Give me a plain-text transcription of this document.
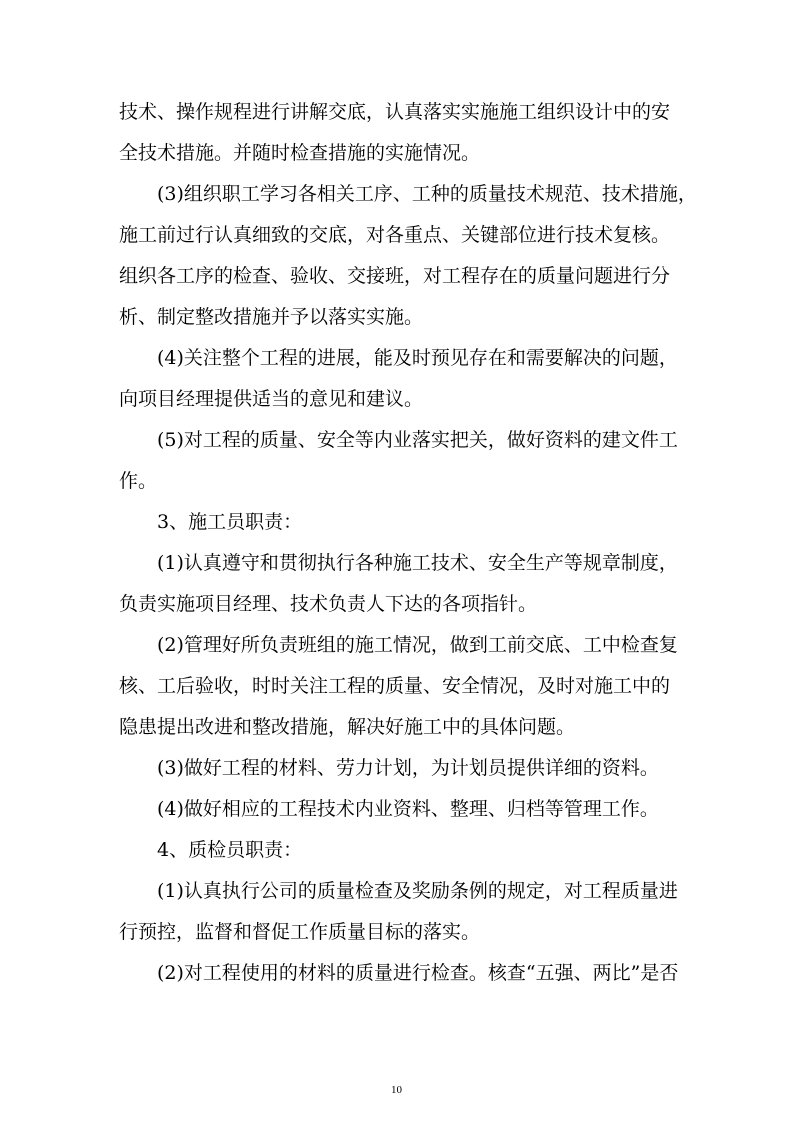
技术、操作规程进行讲解交底，认真落实实施施工组织设计中的安
全技术措施。并随时检查措施的实施情况。
(3)组织职工学习各相关工序、工种的质量技术规范、技术措施，
施工前过行认真细致的交底，对各重点、关键部位进行技术复核。
组织各工序的检查、验收、交接班，对工程存在的质量问题进行分
析、制定整改措施并予以落实实施。
(4)关注整个工程的进展，能及时预见存在和需要解决的问题，
向项目经理提供适当的意见和建议。
(5)对工程的质量、安全等内业落实把关，做好资料的建文件工
作。
3、施工员职责：
(1)认真遵守和贯彻执行各种施工技术、安全生产等规章制度，
负责实施项目经理、技术负责人下达的各项指针。
(2)管理好所负责班组的施工情况，做到工前交底、工中检查复
核、工后验收，时时关注工程的质量、安全情况，及时对施工中的
隐患提出改进和整改措施，解决好施工中的具体问题。
(3)做好工程的材料、劳力计划，为计划员提供详细的资料。
(4)做好相应的工程技术内业资料、整理、归档等管理工作。
4、质检员职责：
(1)认真执行公司的质量检查及奖励条例的规定，对工程质量进
行预控，监督和督促工作质量目标的落实。
(2)对工程使用的材料的质量进行检查。核查“五强、两比”是否
10
